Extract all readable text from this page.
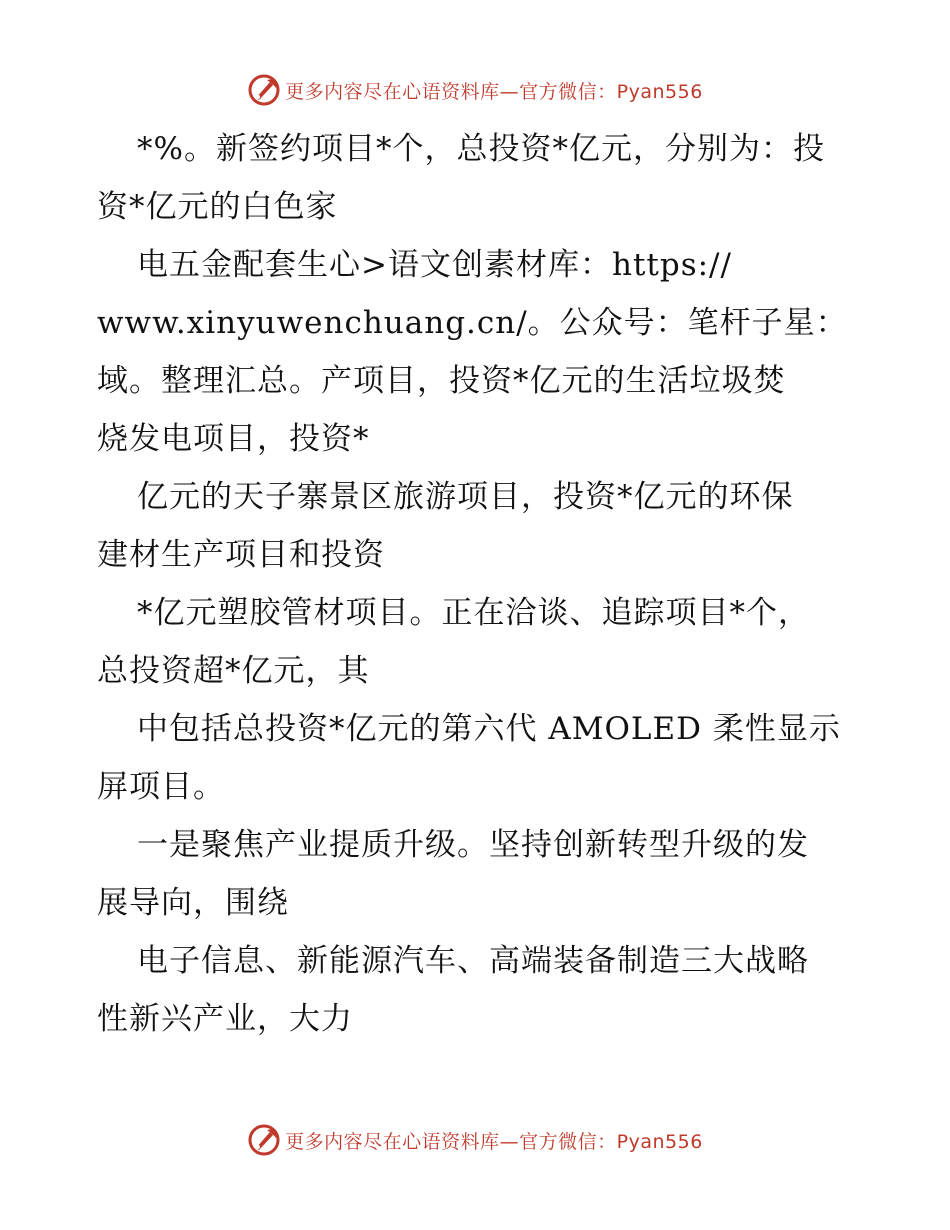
更多内容尽在心语资料库—官方微信：Pyan556
*%。新签约项目*个，总投资*亿元，分别为：投
资*亿元的白色家
电五金配套生心>语文创素材库：https://
www.xinyuwenchuang.cn/。公众号：笔杆子星：
域。整理汇总。产项目，投资*亿元的生活垃圾焚
烧发电项目，投资*
亿元的天子寨景区旅游项目，投资*亿元的环保
建材生产项目和投资
*亿元塑胶管材项目。正在洽谈、追踪项目*个，
总投资超*亿元，其
中包括总投资*亿元的第六代 AMOLED 柔性显示
屏项目。
一是聚焦产业提质升级。坚持创新转型升级的发
展导向，围绕
电子信息、新能源汽车、高端装备制造三大战略
性新兴产业，大力
更多内容尽在心语资料库—官方微信：Pyan556
